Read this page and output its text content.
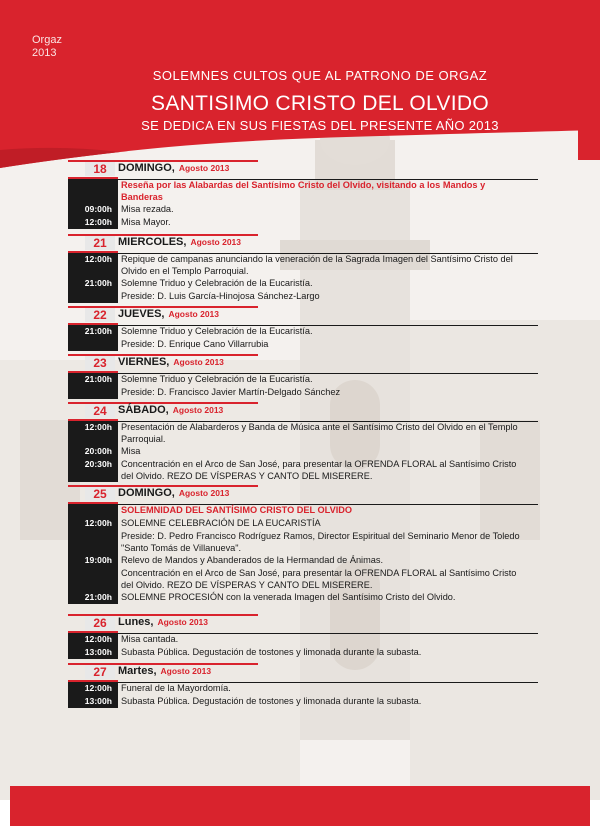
Orgaz
2013
SOLEMNES CULTOS QUE AL PATRONO DE ORGAZ
SANTISIMO CRISTO DEL OLVIDO
SE DEDICA EN SUS FIESTAS DEL PRESENTE AÑO 2013
18	DOMINGO, Agosto 2013
Reseña por las Alabardas del Santísimo Cristo del Olvido, visitando a los Mandos y Banderas
09:00h Misa rezada.
12:00h Misa Mayor.
21	MIERCOLES, Agosto 2013
12:00h Repique de campanas anunciando la veneración de la Sagrada Imagen del Santísimo Cristo del Olvido en el Templo Parroquial.
21:00h Solemne Triduo y Celebración de la Eucaristía.
Preside: D. Luis García-Hinojosa Sánchez-Largo
22	JUEVES, Agosto 2013
21:00h Solemne Triduo y Celebración de la Eucaristía.
Preside: D. Enrique Cano Villarrubia
23	VIERNES, Agosto 2013
21:00h Solemne Triduo y Celebración de la Eucaristía.
Preside: D. Francisco Javier Martín-Delgado Sánchez
24	SÁBADO, Agosto 2013
12:00h Presentación de Alabarderos y Banda de Música ante el Santísimo Cristo del Olvido en el Templo Parroquial.
20:00h Misa
20:30h Concentración en el Arco de San José, para presentar la OFRENDA FLORAL al Santísimo Cristo del Olvido. REZO DE VÍSPERAS Y CANTO DEL MISERERE.
25	DOMINGO, Agosto 2013
SOLEMNIDAD DEL SANTÍSIMO CRISTO DEL OLVIDO
12:00h SOLEMNE CELEBRACIÓN DE LA EUCARISTÍA
Preside: D. Pedro Francisco Rodríguez Ramos, Director Espiritual del Seminario Menor de Toledo "Santo Tomás de Villanueva".
19:00h Relevo de Mandos y Abanderados de la Hermandad de Ánimas.
Concentración en el Arco de San José, para presentar la OFRENDA FLORAL al Santísimo Cristo del Olvido. REZO DE VÍSPERAS Y CANTO DEL MISERERE.
21:00h SOLEMNE PROCESIÓN con la venerada Imagen del Santísimo Cristo del Olvido.
26	Lunes, Agosto 2013
12:00h Misa cantada.
13:00h Subasta Pública. Degustación de tostones y limonada durante la subasta.
27	Martes, Agosto 2013
12:00h Funeral de la Mayordomía.
13:00h Subasta Pública. Degustación de tostones y limonada durante la subasta.
